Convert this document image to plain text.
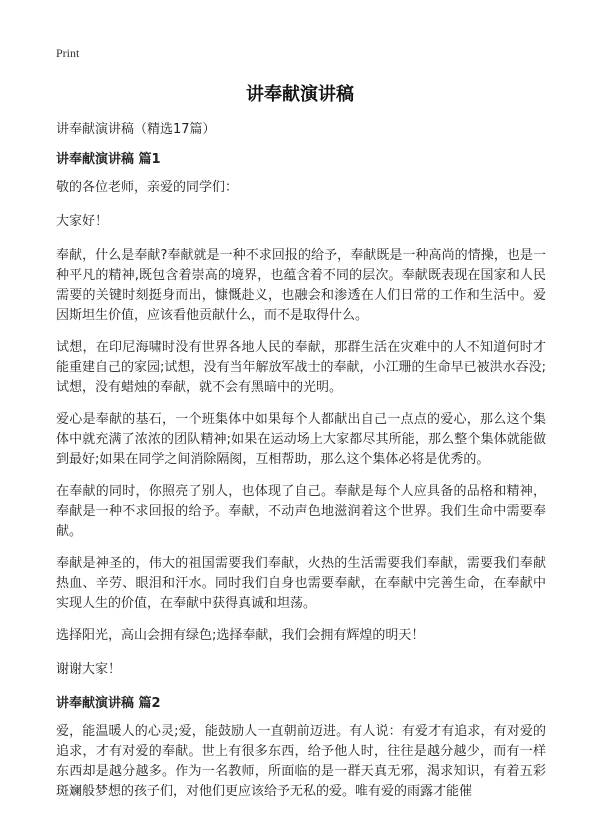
Print
讲奉献演讲稿

讲奉献演讲稿（精选17篇）

讲奉献演讲稿 篇1

敬的各位老师，亲爱的同学们：

大家好！

奉献，什么是奉献?奉献就是一种不求回报的给予，奉献既是一种高尚的情操，也是一种平凡的精神,既包含着崇高的境界，也蕴含着不同的层次。奉献既表现在国家和人民需要的关键时刻挺身而出，慷慨赴义，也融会和渗透在人们日常的工作和生活中。爱因斯坦生价值，应该看他贡献什么，而不是取得什么。

试想，在印尼海啸时没有世界各地人民的奉献，那群生活在灾难中的人不知道何时才能重建自己的家园;试想，没有当年解放军战士的奉献，小江珊的生命早已被洪水吞没;试想，没有蜡烛的奉献，就不会有黑暗中的光明。

爱心是奉献的基石，一个班集体中如果每个人都献出自己一点点的爱心，那么这个集体中就充满了浓浓的团队精神;如果在运动场上大家都尽其所能，那么整个集体就能做到最好;如果在同学之间消除隔阂，互相帮助，那么这个集体必将是优秀的。

在奉献的同时，你照亮了别人，也体现了自己。奉献是每个人应具备的品格和精神，奉献是一种不求回报的给予。奉献，不动声色地滋润着这个世界。我们生命中需要奉献。

奉献是神圣的，伟大的祖国需要我们奉献，火热的生活需要我们奉献，需要我们奉献热血、辛劳、眼泪和汗水。同时我们自身也需要奉献，在奉献中完善生命，在奉献中实现人生的价值，在奉献中获得真诚和坦荡。

选择阳光，高山会拥有绿色;选择奉献，我们会拥有辉煌的明天！

谢谢大家！

讲奉献演讲稿 篇2

爱，能温暖人的心灵;爱，能鼓励人一直朝前迈进。有人说：有爱才有追求，有对爱的追求，才有对爱的奉献。世上有很多东西，给予他人时，往往是越分越少，而有一样东西却是越分越多。作为一名教师，所面临的是一群天真无邪，渴求知识，有着五彩斑斓般梦想的孩子们，对他们更应该给予无私的爱。唯有爱的雨露才能催
